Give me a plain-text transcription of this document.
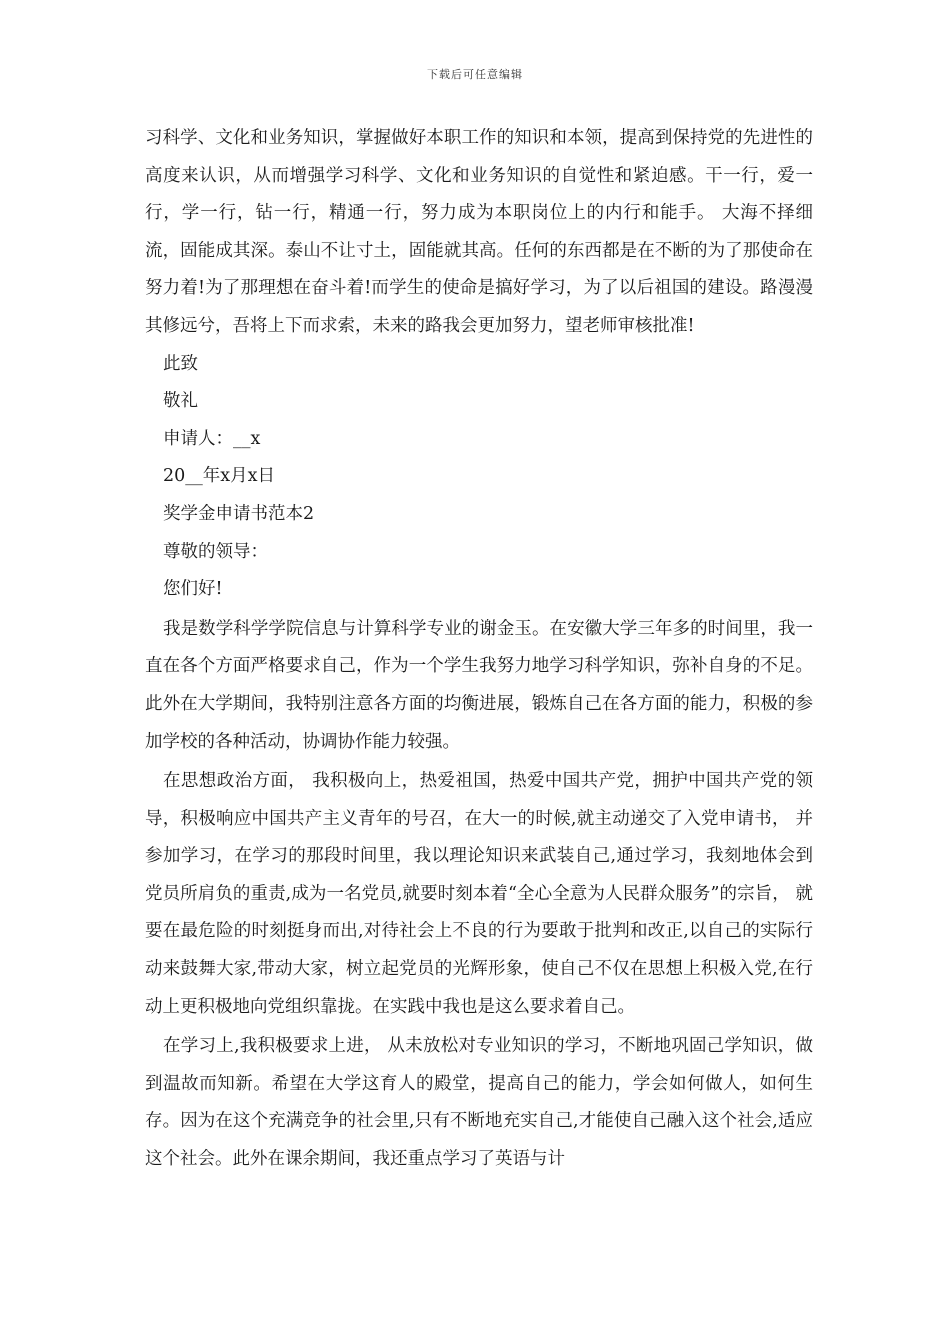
下载后可任意编辑

习科学、文化和业务知识，掌握做好本职工作的知识和本领，提高到保持党的先进性的高度来认识，从而增强学习科学、文化和业务知识的自觉性和紧迫感。干一行，爱一行，学一行，钻一行，精通一行，努力成为本职岗位上的内行和能手。 大海不择细流，固能成其深。泰山不让寸土，固能就其高。任何的东西都是在不断的为了那使命在努力着!为了那理想在奋斗着!而学生的使命是搞好学习，为了以后祖国的建设。路漫漫其修远兮，吾将上下而求索，未来的路我会更加努力，望老师审核批准!

此致

敬礼

申请人：__x

20__年x月x日

奖学金申请书范本2

尊敬的领导：

您们好!

我是数学科学学院信息与计算科学专业的谢金玉。在安徽大学三年多的时间里，我一直在各个方面严格要求自己，作为一个学生我努力地学习科学知识，弥补自身的不足。此外在大学期间，我特别注意各方面的均衡进展，锻炼自己在各方面的能力，积极的参加学校的各种活动，协调协作能力较强。

在思想政治方面， 我积极向上，热爱祖国，热爱中国共产党，拥护中国共产党的领导，积极响应中国共产主义青年的号召，在大一的时候,就主动递交了入党申请书， 并参加学习，在学习的那段时间里，我以理论知识来武装自己,通过学习，我刻地体会到党员所肩负的重责,成为一名党员,就要时刻本着“全心全意为人民群众服务”的宗旨， 就要在最危险的时刻挺身而出,对待社会上不良的行为要敢于批判和改正,以自己的实际行动来鼓舞大家,带动大家，树立起党员的光辉形象，使自己不仅在思想上积极入党,在行动上更积极地向党组织靠拢。在实践中我也是这么要求着自己。

在学习上,我积极要求上进， 从未放松对专业知识的学习，不断地巩固己学知识，做到温故而知新。希望在大学这育人的殿堂，提高自己的能力，学会如何做人，如何生存。因为在这个充满竞争的社会里,只有不断地充实自己,才能使自己融入这个社会,适应这个社会。此外在课余期间，我还重点学习了英语与计
